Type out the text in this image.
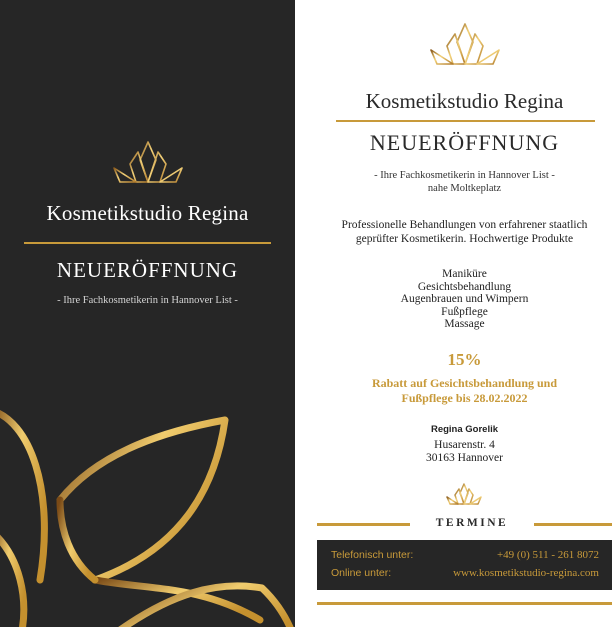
Kosmetikstudio Regina
NEUERÖFFNUNG
- Ihre Fachkosmetikerin in Hannover List -
Kosmetikstudio Regina
NEUERÖFFNUNG
- Ihre Fachkosmetikerin in Hannover List -
nahe Moltkeplatz
Professionelle Behandlungen von erfahrener staatlich
geprüfter Kosmetikerin. Hochwertige Produkte
Maniküre
Gesichtsbehandlung
Augenbrauen und Wimpern
Fußpflege
Massage
15%
Rabatt auf Gesichtsbehandlung und
Fußpflege bis 28.02.2022
Regina Gorelik
Husarenstr. 4
30163 Hannover
TERMINE
Telefonisch unter:	+49 (0) 511 - 261 8072
Online unter:	www.kosmetikstudio-regina.com
